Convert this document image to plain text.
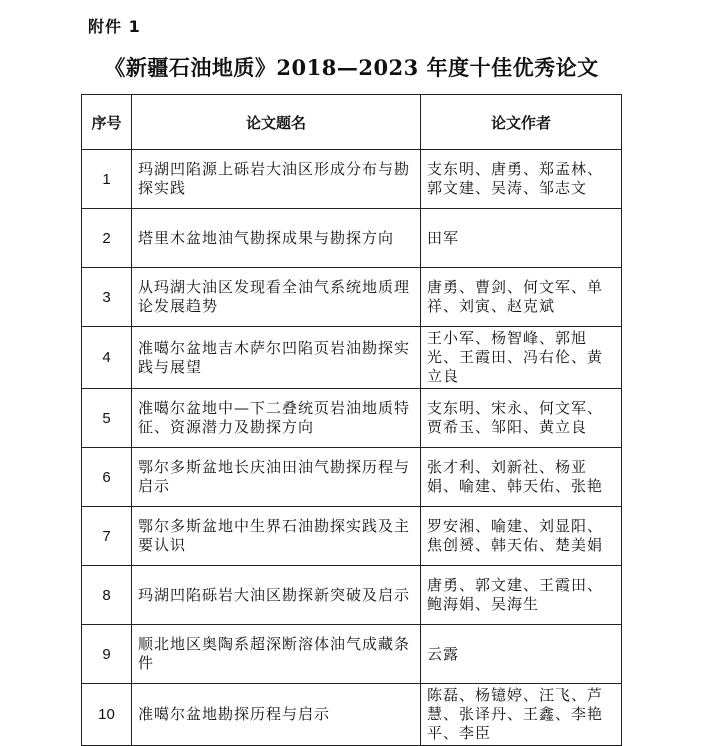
附件 1
《新疆石油地质》2018—2023 年度十佳优秀论文
序号	论文题名	论文作者
1	玛湖凹陷源上砾岩大油区形成分布与勘探实践	支东明、唐勇、郑孟林、郭文建、吴涛、邹志文

2	塔里木盆地油气勘探成果与勘探方向	田军

3	从玛湖大油区发现看全油气系统地质理论发展趋势	唐勇、曹剑、何文军、单祥、刘寅、赵克斌

4	准噶尔盆地吉木萨尔凹陷页岩油勘探实践与展望	王小军、杨智峰、郭旭光、王霞田、冯右伦、黄立良

5	准噶尔盆地中—下二叠统页岩油地质特征、资源潜力及勘探方向	支东明、宋永、何文军、贾希玉、邹阳、黄立良

6	鄂尔多斯盆地长庆油田油气勘探历程与启示	张才利、刘新社、杨亚娟、喻建、韩天佑、张艳

7	鄂尔多斯盆地中生界石油勘探实践及主要认识	罗安湘、喻建、刘显阳、焦创赟、韩天佑、楚美娟

8	玛湖凹陷砾岩大油区勘探新突破及启示	唐勇、郭文建、王霞田、鲍海娟、吴海生

9	顺北地区奥陶系超深断溶体油气成藏条件	云露

10	准噶尔盆地勘探历程与启示	陈磊、杨镱婷、汪飞、芦慧、张译丹、王鑫、李艳平、李臣
